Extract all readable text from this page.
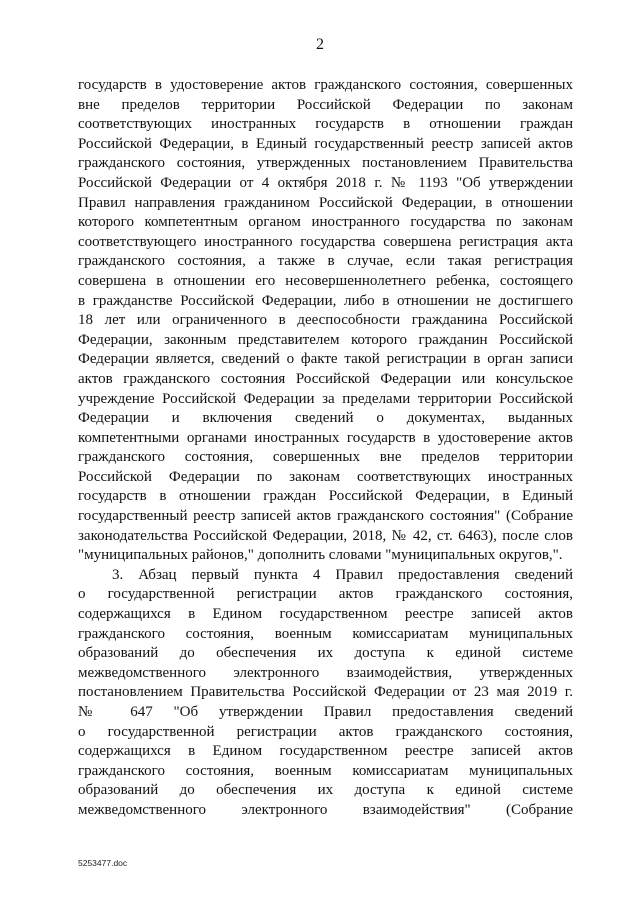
2
государств в удостоверение актов гражданского состояния, совершенных
вне пределов территории Российской Федерации по законам
соответствующих иностранных государств в отношении граждан
Российской Федерации, в Единый государственный реестр записей актов
гражданского состояния, утвержденных постановлением Правительства
Российской Федерации от 4 октября 2018 г. № 1193 "Об утверждении
Правил направления гражданином Российской Федерации, в отношении
которого компетентным органом иностранного государства по законам
соответствующего иностранного государства совершена регистрация акта
гражданского состояния, а также в случае, если такая регистрация
совершена в отношении его несовершеннолетнего ребенка, состоящего
в гражданстве Российской Федерации, либо в отношении не достигшего
18 лет или ограниченного в дееспособности гражданина Российской
Федерации, законным представителем которого гражданин Российской
Федерации является, сведений о факте такой регистрации в орган записи
актов гражданского состояния Российской Федерации или консульское
учреждение Российской Федерации за пределами территории Российской
Федерации и включения сведений о документах, выданных
компетентными органами иностранных государств в удостоверение актов
гражданского состояния, совершенных вне пределов территории
Российской Федерации по законам соответствующих иностранных
государств в отношении граждан Российской Федерации, в Единый
государственный реестр записей актов гражданского состояния" (Собрание
законодательства Российской Федерации, 2018, № 42, ст. 6463), после слов
"муниципальных районов," дополнить словами "муниципальных округов,".
3. Абзац первый пункта 4 Правил предоставления сведений
о государственной регистрации актов гражданского состояния,
содержащихся в Едином государственном реестре записей актов
гражданского состояния, военным комиссариатам муниципальных
образований до обеспечения их доступа к единой системе
межведомственного электронного взаимодействия, утвержденных
постановлением Правительства Российской Федерации от 23 мая 2019 г.
№ 647 "Об утверждении Правил предоставления сведений
о государственной регистрации актов гражданского состояния,
содержащихся в Едином государственном реестре записей актов
гражданского состояния, военным комиссариатам муниципальных
образований до обеспечения их доступа к единой системе
межведомственного электронного взаимодействия" (Собрание
5253477.doc
